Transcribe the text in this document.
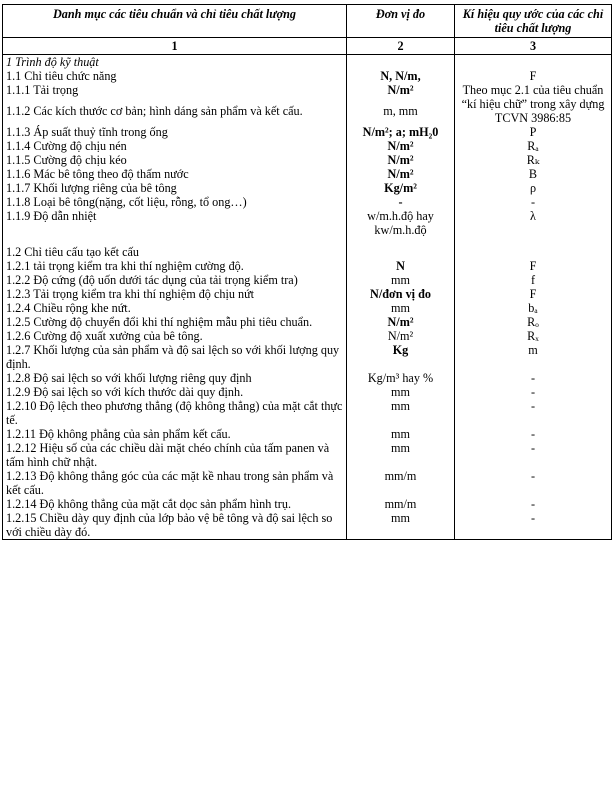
Danh mục các tiêu chuẩn và chỉ tiêu chất lượng	Đơn vị đo	Kí hiệu quy ước của các chỉ tiêu chất lượng
1	2	3
1 Trình độ kỹ thuật		
1.1 Chỉ tiêu chức năng	N, N/m,	F
1.1.1 Tải trọng	N/m²	Theo mục 2.1 của tiêu chuẩn “kí hiệu chữ” trong xây dựng TCVN 3986:85

1.1.2 Các kích thước cơ bản; hình dáng sản phẩm và kết cấu.	m, mm	
1.1.3 Áp suất thuỷ tĩnh trong ống	N/m²; a; mH₂0	P
1.1.4 Cường độ chịu nén	N/m²	Rₐ
1.1.5 Cường độ chịu kéo	N/m²	Rₖ
1.1.6 Mác bê tông theo độ thấm nước	N/m²	B
1.1.7 Khối lượng riêng của bê tông	Kg/m²	ρ
1.1.8 Loại bê tông(nặng, cốt liệu, rỗng, tổ ong…)	-	-
1.1.9 Độ dẫn nhiệt	w/m.h.độ hay kw/m.h.độ	λ

1.2 Chỉ tiêu cấu tạo kết cấu		
1.2.1 tải trọng kiểm tra khi thí nghiệm cường độ.	N	F
1.2.2 Độ cứng (độ uốn dưới tác dụng của tải trọng kiểm tra)	mm	f
1.2.3 Tải trọng kiểm tra khi thí nghiệm độ chịu nứt	N/đơn vị đo	F
1.2.4 Chiều rộng khe nứt.	mm	bₐ
1.2.5 Cường độ chuyển đổi khi thí nghiệm mẫu phi tiêu chuẩn.	N/m²	Rₒ
1.2.6 Cường độ xuất xưởng của bê tông.	N/m²	Rₓ
1.2.7 Khối lượng của sản phẩm và độ sai lệch so với khối lượng quy định.	Kg	m
1.2.8 Độ sai lệch so với khối lượng riêng quy định	Kg/m³ hay %	-
1.2.9 Độ sai lệch so với kích thước dài quy định.	mm	-
1.2.10 Độ lệch theo phương thẳng (độ không thẳng) của mặt cắt thực tế.	mm	-
1.2.11 Độ không phẳng của sản phẩm kết cấu.	mm	-
1.2.12 Hiệu số của các chiều dài mặt chéo chính của tấm panen và tấm hình chữ nhật.	mm	-
1.2.13 Độ không thẳng góc của các mặt kề nhau trong sản phẩm và kết cấu.	mm/m	-
1.2.14 Độ không thẳng của mặt cắt dọc sản phẩm hình trụ.	mm/m	-
1.2.15 Chiều dày quy định của lớp bảo vệ bê tông và độ sai lệch so với chiều dày đó.	mm	-
